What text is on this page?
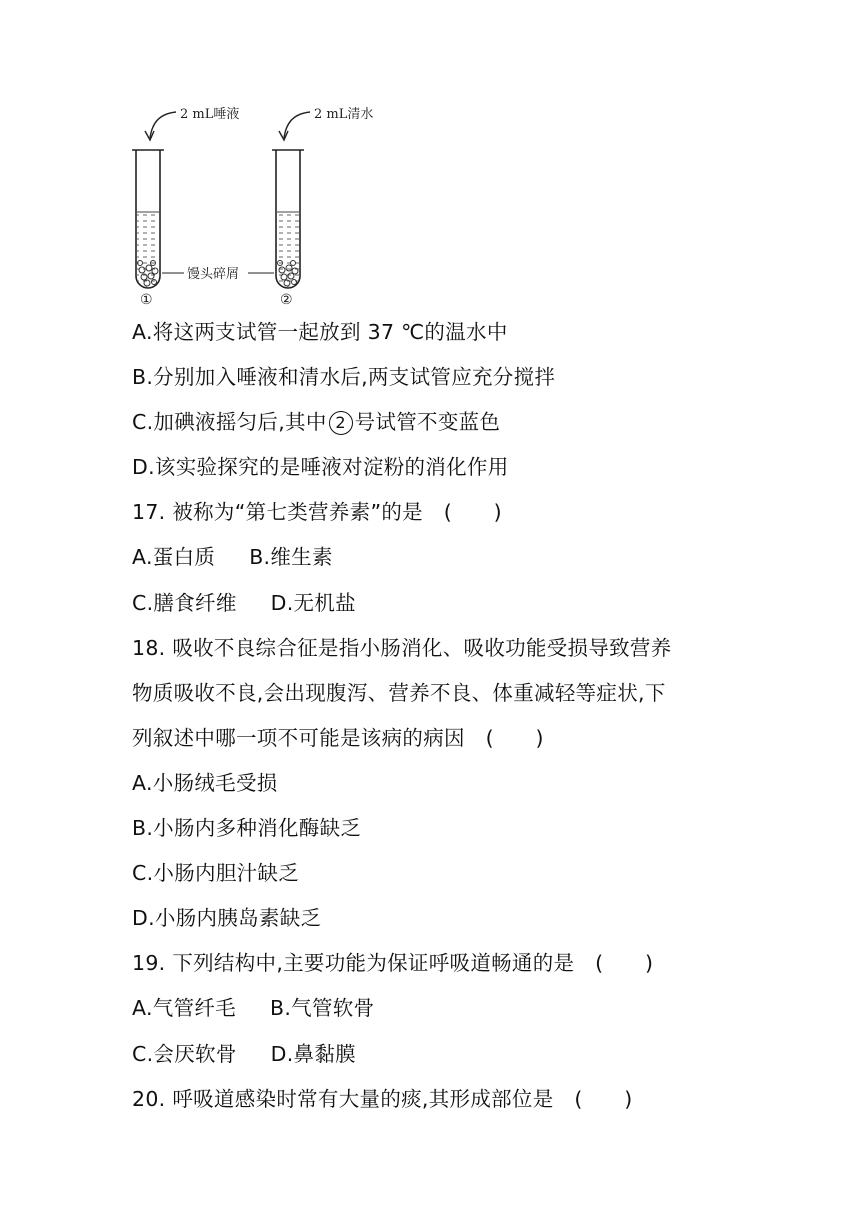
2 mL唾液	2 mL清水
馒头碎屑
①	②
A.将这两支试管一起放到 37 ℃的温水中
B.分别加入唾液和清水后,两支试管应充分搅拌
C.加碘液摇匀后,其中 2 号试管不变蓝色
D.该实验探究的是唾液对淀粉的消化作用
17. 被称为“第七类营养素”的是　(　　)
A.蛋白质 B.维生素
C.膳食纤维 D.无机盐
18. 吸收不良综合征是指小肠消化、吸收功能受损导致营养
物质吸收不良,会出现腹泻、营养不良、体重减轻等症状,下
列叙述中哪一项不可能是该病的病因　(　　)
A.小肠绒毛受损
B.小肠内多种消化酶缺乏
C.小肠内胆汁缺乏
D.小肠内胰岛素缺乏
19. 下列结构中,主要功能为保证呼吸道畅通的是　(　　)
A.气管纤毛 B.气管软骨
C.会厌软骨 D.鼻黏膜
20. 呼吸道感染时常有大量的痰,其形成部位是　(　　)
